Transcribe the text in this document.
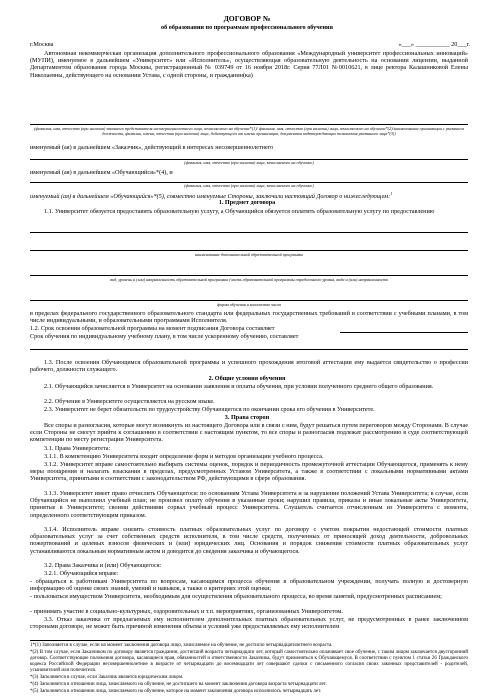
ДОГОВОР №
об образовании по программам профессионального обучения
г.Москва	«___» ___________ 20___г.
Автономная некоммерческая организация дополнительного профессионального образования «Международный университет профессиональных инноваций» (МУПИ), именуемое в дальнейшем «Университет» или «Исполнитель», осуществляющая образовательную деятельность на основании лицензии, выданной Департаментом образования города Москвы, регистрационный № 039749 от 16 ноября 2018г. Серия 77Л01 №0010621, в лице ректора Калашниковой Елены Николаевны, действующего на основании Устава, с одной стороны, и гражданин(ка)
(фамилия, имя, отчество (при наличии) законного представителя несовершеннолетнего лица, зачисляемого на обучение*(1)/ фамилия, имя, отчество (при наличии) лица, зачисляемого на обучение*(2)/наименование организации с указанием должности, фамилии, имени, отчества (при наличии) лица, действующего от имени организации, документов подтверждающих полномочия указанного лица*(3))
именуемый (ая) в дальнейшем «Заказчик», действующий в интересах несовершеннолетнего
(фамилия, имя, отчество (при наличии) лица, зачисляемого на обучение)
именуемый (ая) в дальнейшем «Обучающийся»*(4), и
(фамилия, имя, отчество (при наличии) лица, зачисляемого на обучение)
именуемый (ая) в дальнейшем «Обучающийся»*(5), совместно именуемые Стороны, заключили настоящий Договор о нижеследующем:$^1$
1. Предмет договора
1.1. Университет обязуется предоставить образовательную услугу, а Обучающийся обязуется оплатить образовательную услугу по предоставлению
наименование дополнительной образовательной программы
вид, уровень и (или) направленность образовательной программы (часть образовательной программы определенного уровня, вида и (или) направленности
форма обучения и количество часов
в пределах федерального государственного образовательного стандарта или федеральных государственных требований в соответствии с учебными планами, в том числе индивидуальными, и образовательными программами Исполнителя.
1.2. Срок освоения образовательной программы на момент подписания Договора составляет
Срок обучения по индивидуальному учебному плану, в том числе ускоренному обучению, составляет
1.3. После освоения Обучающимся образовательной программы и успешного прохождения итоговой аттестации ему выдается свидетельство о профессии рабочего, должности служащего.
2. Общие условия обучения
2.1. Обучающийся зачисляется в Университет на основании заявления и оплаты обучения, при условии полученного среднего общего образования.
2.2. Обучение в Университете осуществляется на русском языке.
2.3. Университет не берет обязательств по трудоустройству Обучающегося по окончании срока его обучения в Университете.
3. Права сторон
Все споры и разногласия, которые могут возникнуть из настоящего Договора или в связи с ним, будут решаться путем переговоров между Сторонами. В случае если Стороны не смогут прийти к соглашению в соответствии с настоящим пунктом, то все споры и разногласия подлежат рассмотрению в суде соответствующей компетенции по месту регистрации Университета.
3.1. Права Университета:
3.1.1. В компетенцию Университета входит определение форм и методов организации учебного процесса.
3.1.2. Университет вправе самостоятельно выбирать системы оценок, порядок и периодичность промежуточной аттестации Обучающегося, применять к нему меры поощрения и налагать взыскания в пределах, предусмотренных Уставом Университета, а также в соответствии с локальными нормативными актами Университета, принятыми в соответствии с законодательством РФ, действующими в сфере образования.
3.1.3. Университет имеет право отчислить Обучающегося: по основаниям Устава Университета и за нарушение положений Устава Университета; в случае, если Обучающийся не выполнил учебный план; не произвел оплату обучения в указанные сроки; нарушил правила, приказы и иные локальные акты Университета, принятые в Университете; своими действиями сорвал учебный процесс Университета. Слушатель считается отчисленным из Университета с момента, определенного соответствующим приказом.
3.1.4. Исполнитель вправе снизить стоимость платных образовательных услуг по договору с учетом покрытия недостающей стоимости платных образовательных услуг за счет собственных средств исполнителя, в том числе средств, полученных от приносящей доход деятельности, добровольных пожертвований и целевых взносов физических и (или) юридических лиц. Основания и порядок снижения стоимости платных образовательных услуг устанавливаются локальным нормативным актом и доводится до сведения заказчика и обучающегося.
3.2. Права Заказчика и (или) Обучающегося:
3.2.1. Обучающийся вправе:
- обращаться к работникам Университета по вопросам, касающимся процесса обучения в образовательном учреждении, получать полную и достоверную информацию об оценке своих знаний, умений и навыков, а также о критериях этой оценки;
- пользоваться имуществом Университета, необходимым для осуществления образовательного процесса, во время занятий, предусмотренных расписанием;
- принимать участие в социально-культурных, оздоровительных и т.п. мероприятиях, организованных Университетом.
3.3. Отказ заказчика от предлагаемых ему исполнителем дополнительных платных образовательных услуг, не предусмотренных в ранее заключенном сторонами договоре, не может быть причиной изменения объема и условий уже предоставляемых ему исполнителем
1*(1) Заполняется в случае, если на момент заключения договора лицо, зачисляемое на обучение, не достигло четырнадцатилетнего возраста.
*(2) В том случае, если Заказчиком по договору является гражданин, достигший возраста четырнадцати лет, который самостоятельно оплачивает свое обучение, с таким лицом заключается двусторонний договор. Соответствующие положения договора, касающиеся прав, обязанностей и ответственности Заказчика, будут применяться к Обучающемуся. В соответствии с пунктом 1 статьи 26 Гражданского кодекса Российской Федерации несовершеннолетние в возрасте от четырнадцати до восемнадцати лет совершают сделки с письменного согласия своих законных представителей - родителей, усыновителей или попечителя.
*(3) Заполняется в случае, если Заказчик является юридическим лицом.
*(4) Заполняется в отношении лица, зачисляемого на обучение, не достигшего на момент заключения договора возраста четырнадцати лет.
*(5) Заполняется в отношении лица, зачисляемого на обучение, которое на момент заключения договора исполнилось четырнадцать лет.
